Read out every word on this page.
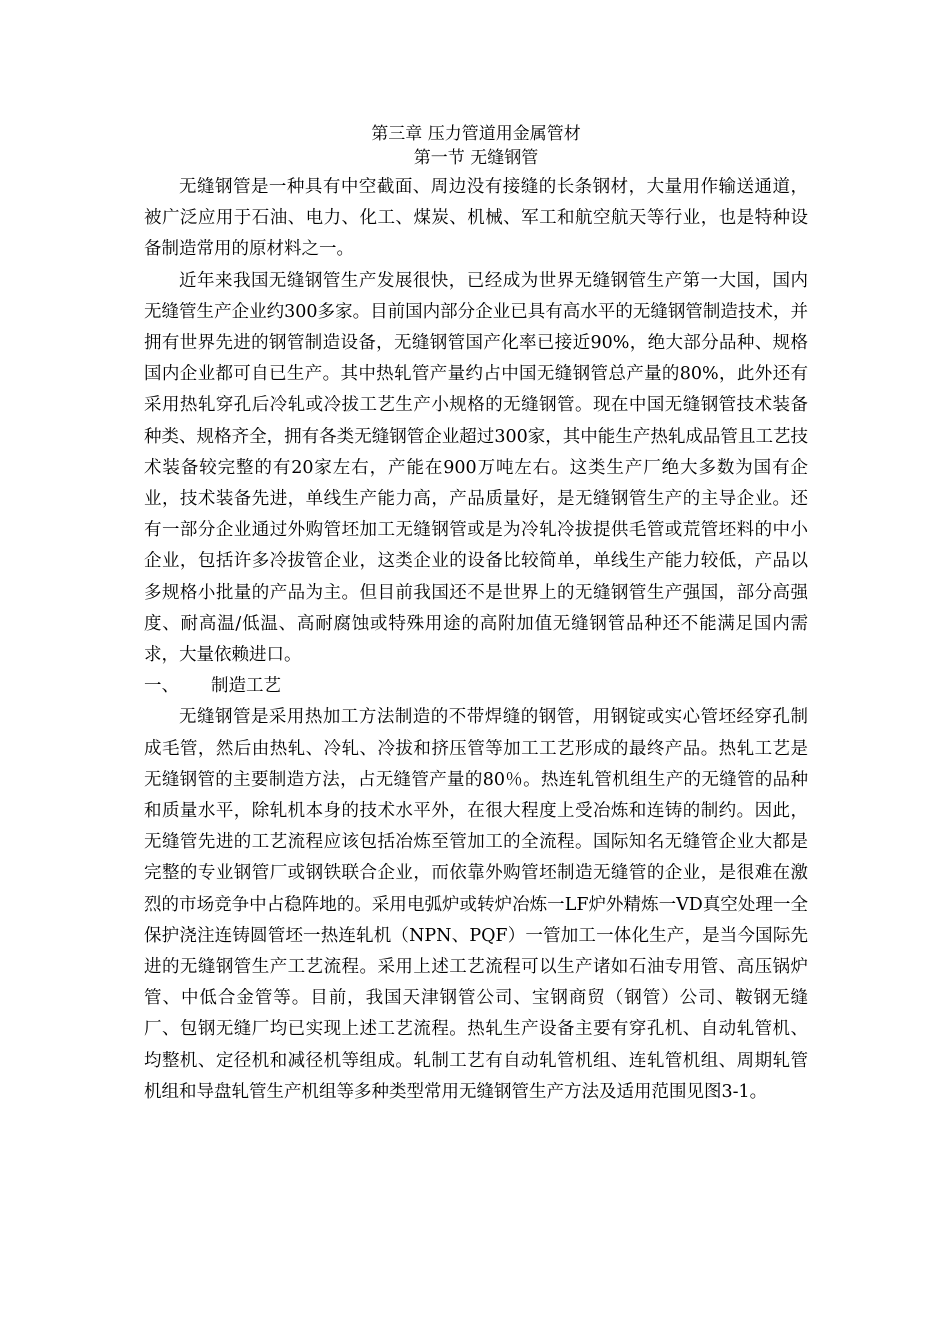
第三章 压力管道用金属管材
第一节 无缝钢管

无缝钢管是一种具有中空截面、周边没有接缝的长条钢材，大量用作输送通道，被广泛应用于石油、电力、化工、煤炭、机械、军工和航空航天等行业，也是特种设备制造常用的原材料之一。

近年来我国无缝钢管生产发展很快，已经成为世界无缝钢管生产第一大国，国内无缝管生产企业约300多家。目前国内部分企业已具有高水平的无缝钢管制造技术，并拥有世界先进的钢管制造设备，无缝钢管国产化率已接近90%，绝大部分品种、规格国内企业都可自已生产。其中热轧管产量约占中国无缝钢管总产量的80%，此外还有采用热轧穿孔后冷轧或冷拔工艺生产小规格的无缝钢管。现在中国无缝钢管技术装备种类、规格齐全，拥有各类无缝钢管企业超过300家，其中能生产热轧成品管且工艺技术装备较完整的有20家左右，产能在900万吨左右。这类生产厂绝大多数为国有企业，技术装备先进，单线生产能力高，产品质量好，是无缝钢管生产的主导企业。还有一部分企业通过外购管坯加工无缝钢管或是为冷轧冷拔提供毛管或荒管坯料的中小企业，包括许多冷拔管企业，这类企业的设备比较简单，单线生产能力较低，产品以多规格小批量的产品为主。但目前我国还不是世界上的无缝钢管生产强国，部分高强度、耐高温/低温、高耐腐蚀或特殊用途的高附加值无缝钢管品种还不能满足国内需求，大量依赖进口。

一、 制造工艺

无缝钢管是采用热加工方法制造的不带焊缝的钢管，用钢锭或实心管坯经穿孔制成毛管，然后由热轧、冷轧、冷拔和挤压管等加工工艺形成的最终产品。热轧工艺是无缝钢管的主要制造方法，占无缝管产量的80％。热连轧管机组生产的无缝管的品种和质量水平，除轧机本身的技术水平外，在很大程度上受冶炼和连铸的制约。因此，无缝管先进的工艺流程应该包括冶炼至管加工的全流程。国际知名无缝管企业大都是完整的专业钢管厂或钢铁联合企业，而依靠外购管坯制造无缝管的企业，是很难在激烈的市场竞争中占稳阵地的。采用电弧炉或转炉冶炼一LF炉外精炼一VD真空处理一全保护浇注连铸圆管坯一热连轧机（NPN、PQF）一管加工一体化生产，是当今国际先进的无缝钢管生产工艺流程。采用上述工艺流程可以生产诸如石油专用管、高压锅炉管、中低合金管等。目前，我国天津钢管公司、宝钢商贸（钢管）公司、鞍钢无缝厂、包钢无缝厂均已实现上述工艺流程。热轧生产设备主要有穿孔机、自动轧管机、均整机、定径机和减径机等组成。轧制工艺有自动轧管机组、连轧管机组、周期轧管机组和导盘轧管生产机组等多种类型常用无缝钢管生产方法及适用范围见图3-1。
